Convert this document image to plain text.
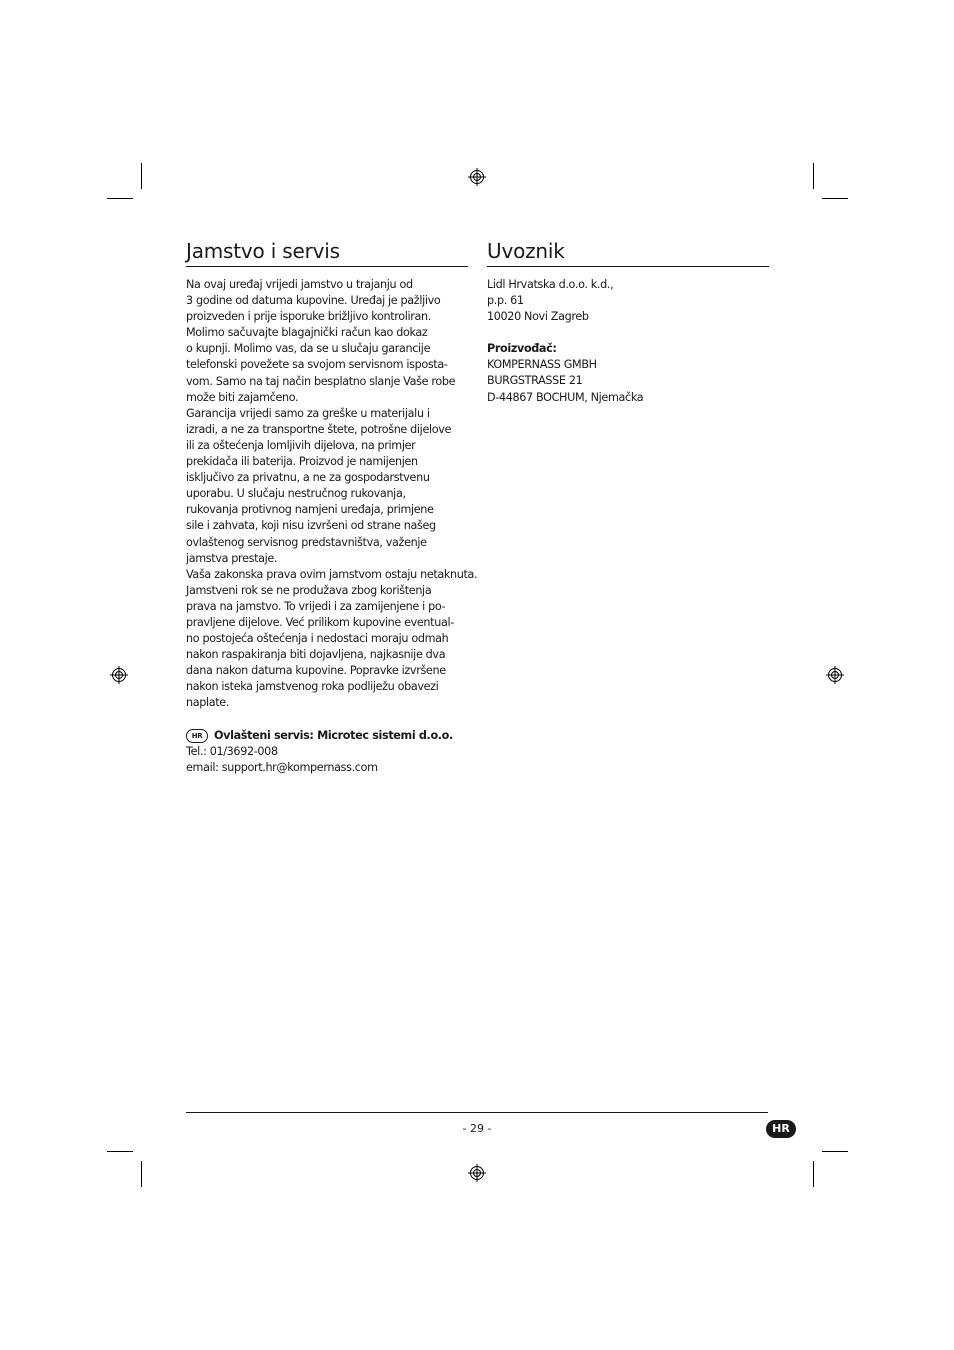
Jamstvo i servis
Na ovaj uređaj vrijedi jamstvo u trajanju od
3 godine od datuma kupovine. Uređaj je pažljivo
proizveden i prije isporuke brižljivo kontroliran.
Molimo sačuvajte blagajnički račun kao dokaz
o kupnji. Molimo vas, da se u slučaju garancije
telefonski povežete sa svojom servisnom isposta-
vom. Samo na taj način besplatno slanje Vaše robe
može biti zajamčeno.
Garancija vrijedi samo za greške u materijalu i
izradi, a ne za transportne štete, potrošne dijelove
ili za oštećenja lomljivih dijelova, na primjer
prekidača ili baterija. Proizvod je namijenjen
isključivo za privatnu, a ne za gospodarstvenu
uporabu. U slučaju nestručnog rukovanja,
rukovanja protivnog namjeni uređaja, primjene
sile i zahvata, koji nisu izvršeni od strane našeg
ovlaštenog servisnog predstavništva, važenje
jamstva prestaje.
Vaša zakonska prava ovim jamstvom ostaju netaknuta.
Jamstveni rok se ne produžava zbog korištenja
prava na jamstvo. To vrijedi i za zamijenjene i po-
pravljene dijelove. Već prilikom kupovine eventual-
no postojeća oštećenja i nedostaci moraju odmah
nakon raspakiranja biti dojavljena, najkasnije dva
dana nakon datuma kupovine. Popravke izvršene
nakon isteka jamstvenog roka podliježu obavezi
naplate.
HR Ovlašteni servis: Microtec sistemi d.o.o.
Tel.: 01/3692-008
email: support.hr@kompernass.com
Uvoznik
Lidl Hrvatska d.o.o. k.d.,
p.p. 61
10020 Novi Zagreb
Proizvođač:
KOMPERNASS GMBH
BURGSTRASSE 21
D-44867 BOCHUM, Njemačka
- 29 -	HR
